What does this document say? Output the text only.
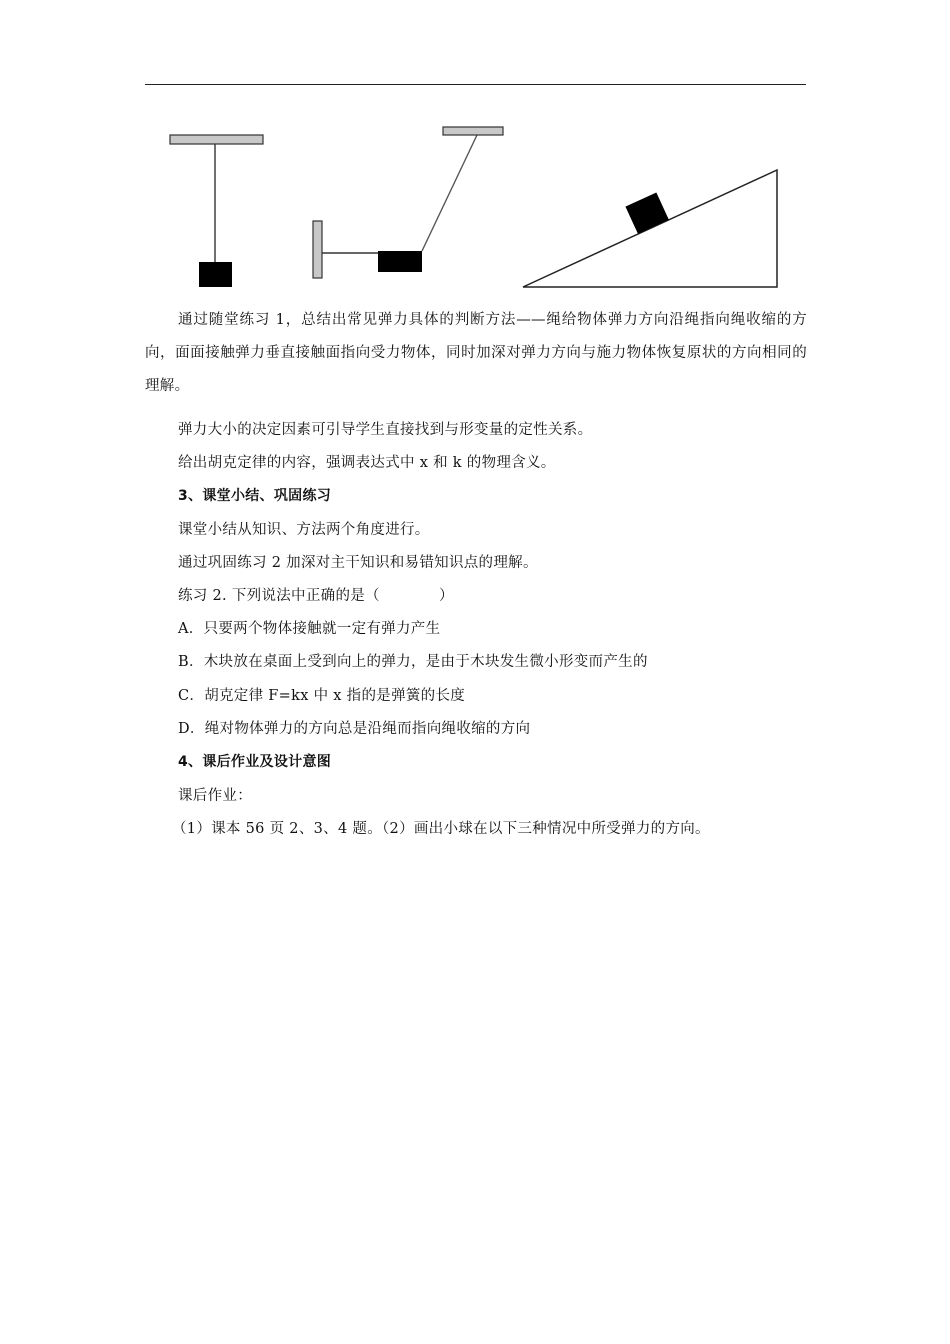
通过随堂练习 1，总结出常见弹力具体的判断方法——绳给物体弹力方向沿绳指向绳收缩的方向，面面接触弹力垂直接触面指向受力物体，同时加深对弹力方向与施力物体恢复原状的方向相同的理解。

弹力大小的决定因素可引导学生直接找到与形变量的定性关系。
给出胡克定律的内容，强调表达式中 x 和 k 的物理含义。
3、课堂小结、巩固练习
课堂小结从知识、方法两个角度进行。
通过巩固练习 2 加深对主干知识和易错知识点的理解。
练习 2. 下列说法中正确的是（　　　　）
A．只要两个物体接触就一定有弹力产生
B．木块放在桌面上受到向上的弹力，是由于木块发生微小形变而产生的
C．胡克定律 F=kx 中 x 指的是弹簧的长度
D．绳对物体弹力的方向总是沿绳而指向绳收缩的方向
4、课后作业及设计意图
课后作业：
（1）课本 56 页 2、3、4 题。（2）画出小球在以下三种情况中所受弹力的方向。
